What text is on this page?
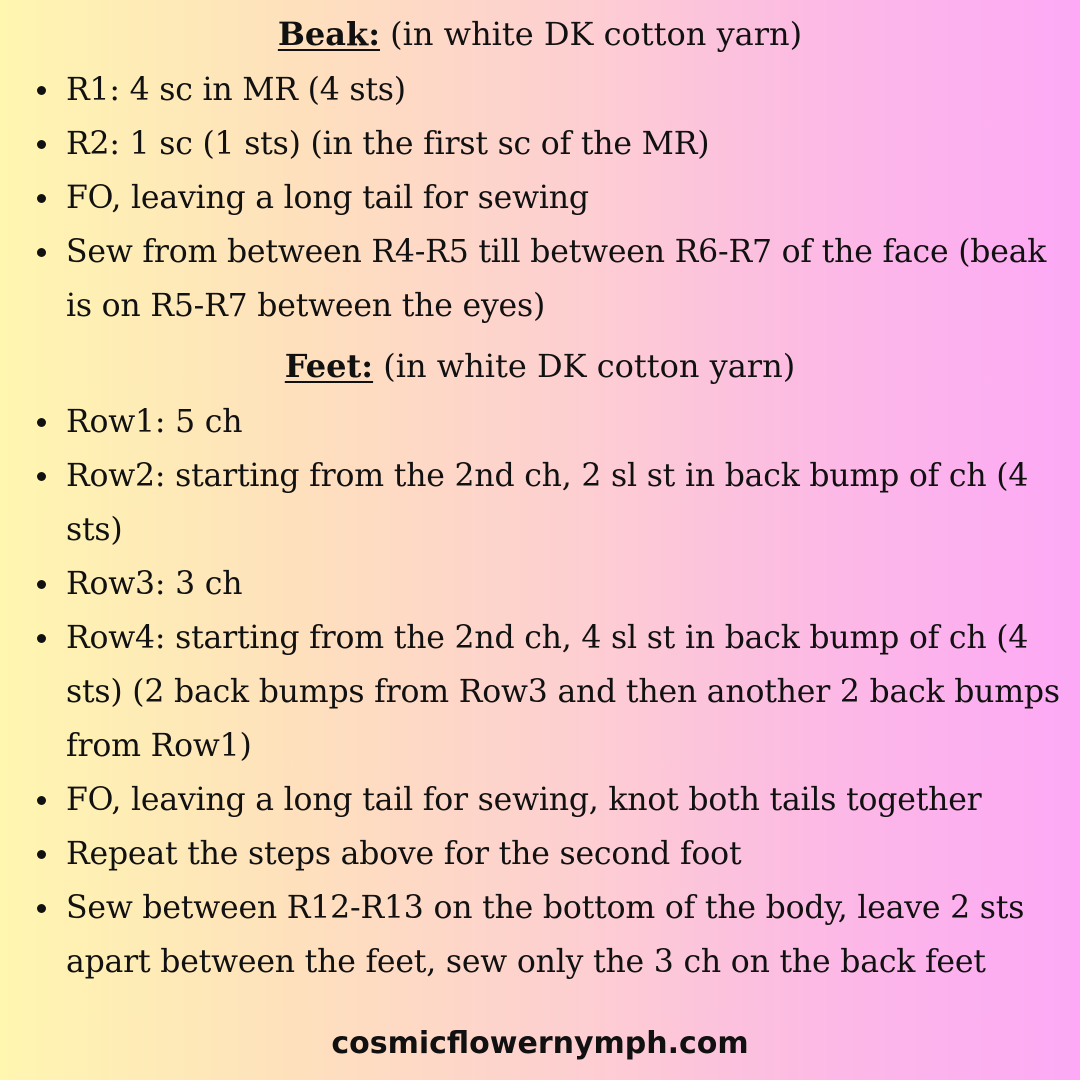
Beak: (in white DK cotton yarn)
R1: 4 sc in MR (4 sts)
R2: 1 sc (1 sts) (in the first sc of the MR)
FO, leaving a long tail for sewing
Sew from between R4-R5 till between R6-R7 of the face (beak is on R5-R7 between the eyes)
Feet: (in white DK cotton yarn)
Row1: 5 ch
Row2: starting from the 2nd ch, 2 sl st in back bump of ch (4 sts)
Row3: 3 ch
Row4: starting from the 2nd ch, 4 sl st in back bump of ch (4 sts) (2 back bumps from Row3 and then another 2 back bumps from Row1)
FO, leaving a long tail for sewing, knot both tails together
Repeat the steps above for the second foot
Sew between R12-R13 on the bottom of the body, leave 2 sts apart between the feet, sew only the 3 ch on the back feet
cosmicflowernymph.com
